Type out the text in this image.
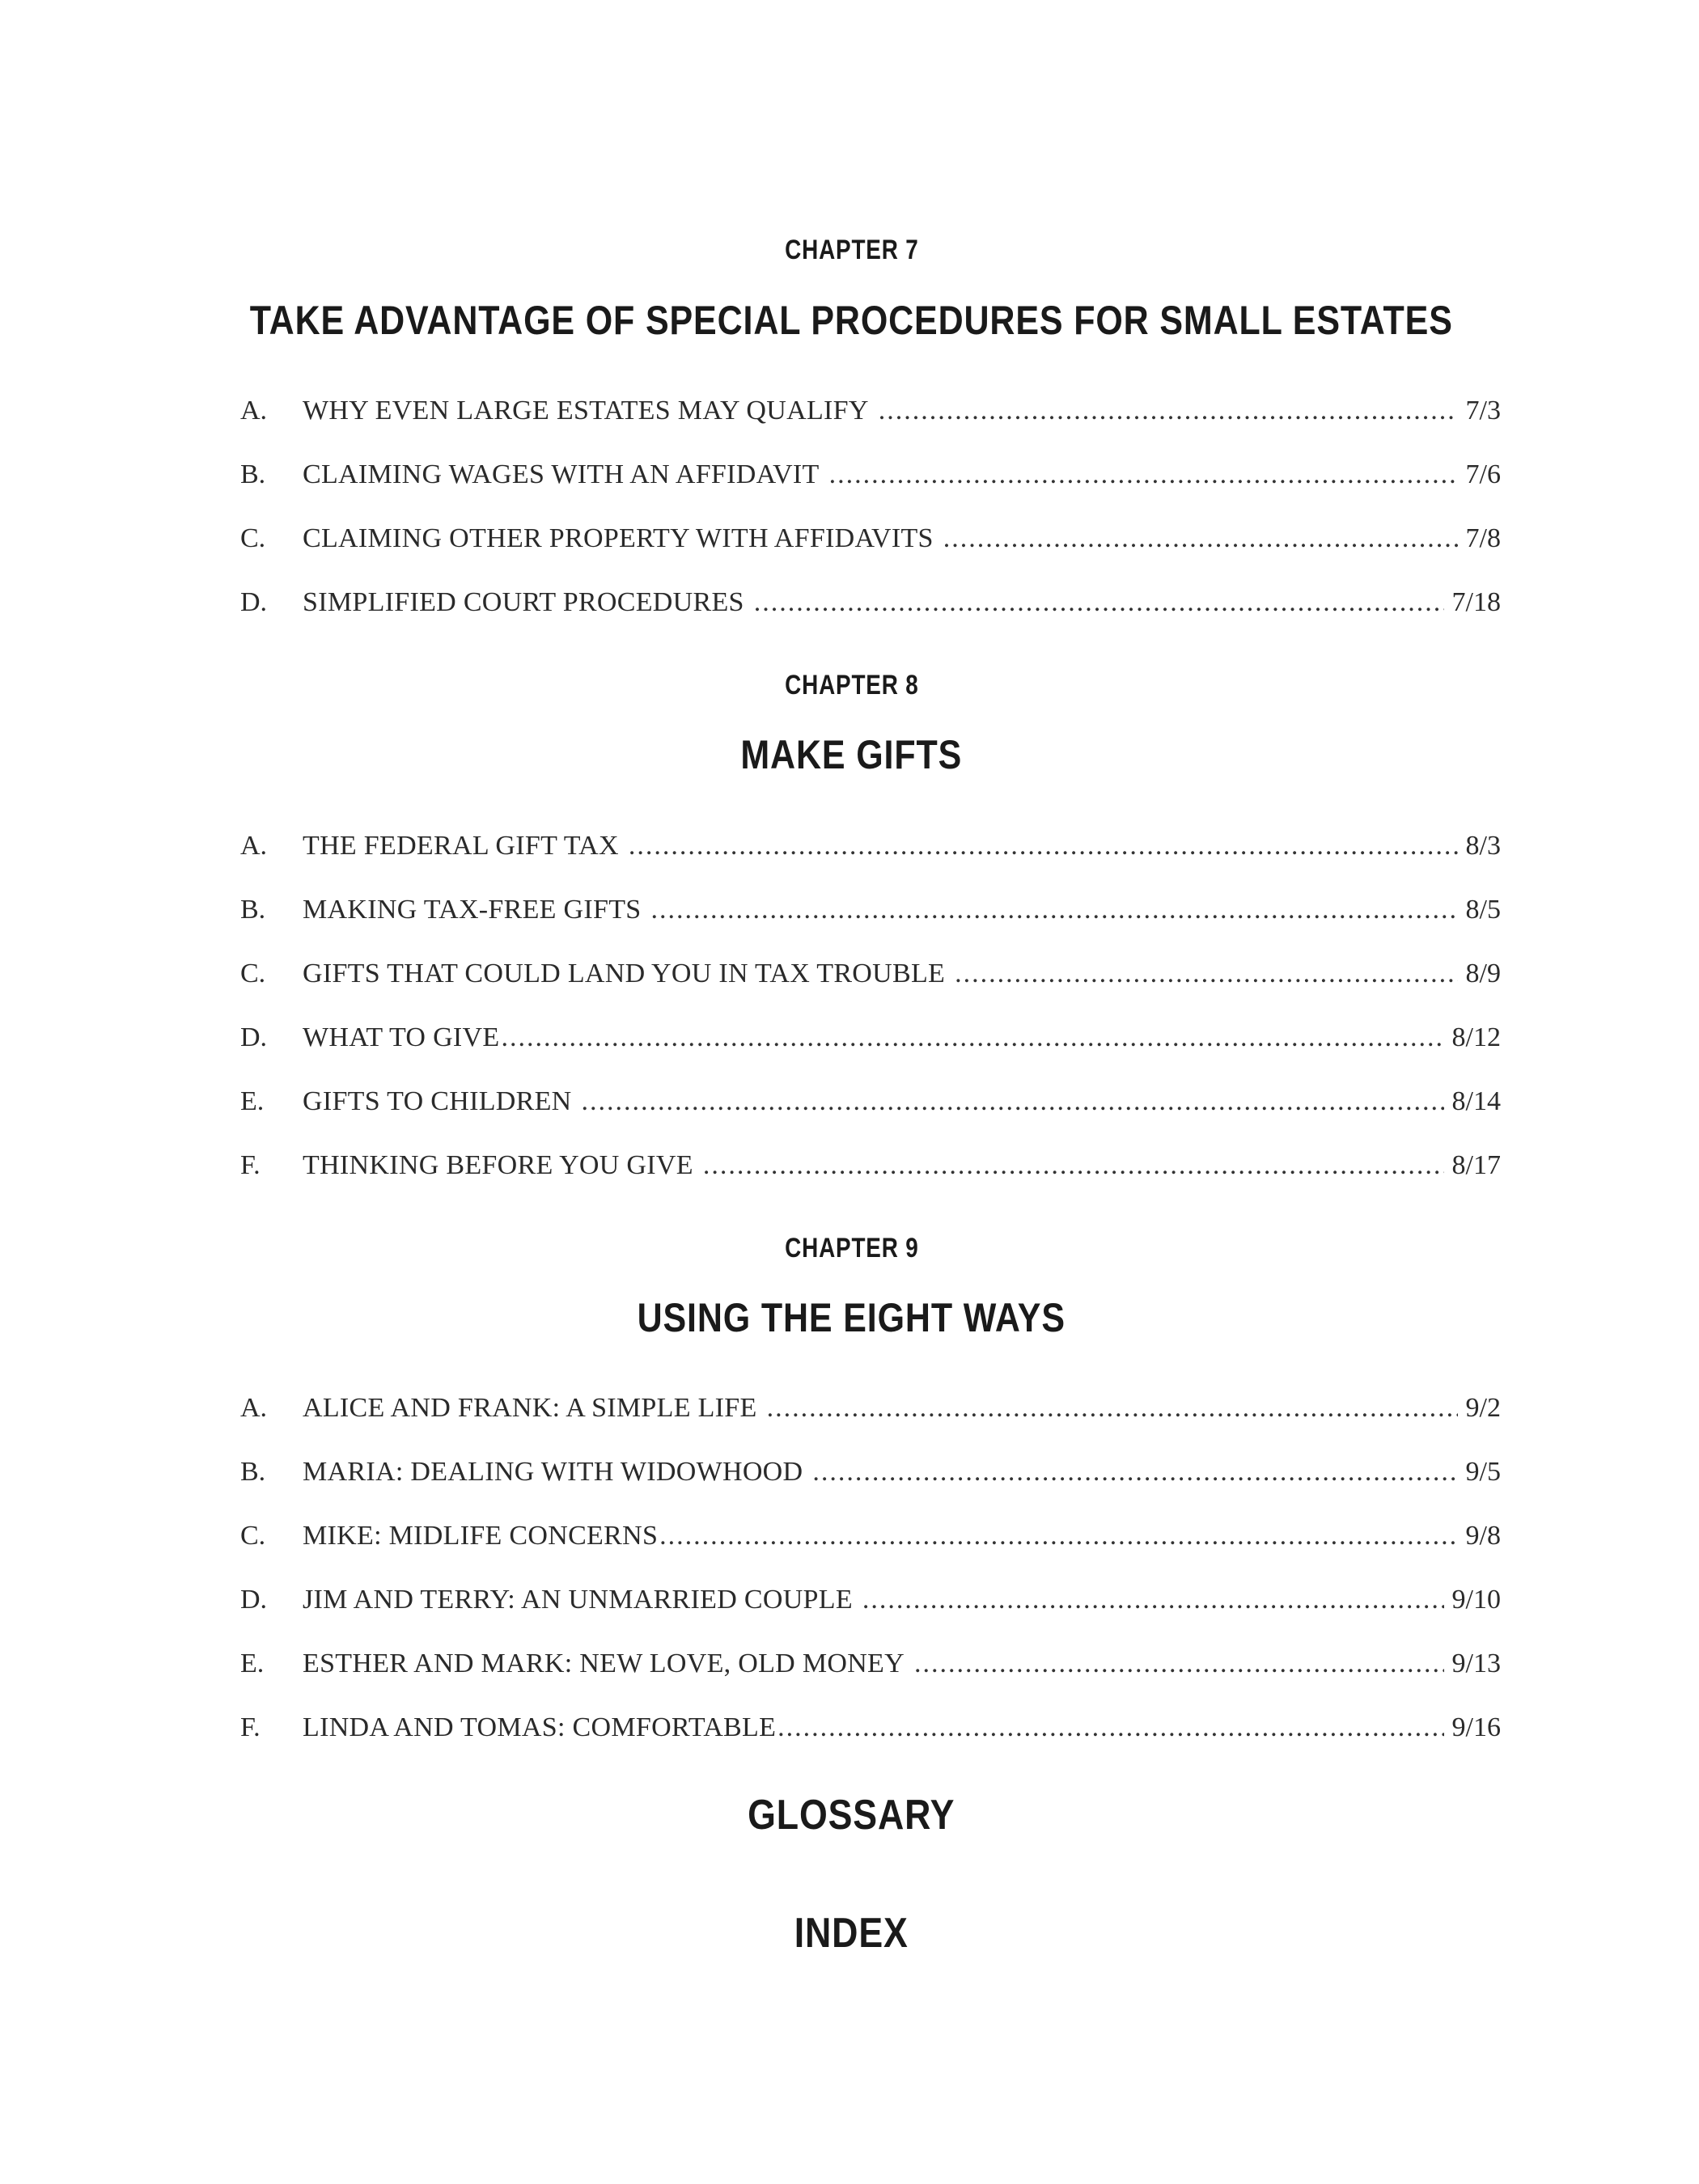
CHAPTER 7
TAKE ADVANTAGE OF SPECIAL PROCEDURES FOR SMALL ESTATES
A.	WHY EVEN LARGE ESTATES MAY QUALIFY .....	7/3
B.	CLAIMING WAGES WITH AN AFFIDAVIT .....	7/6
C.	CLAIMING OTHER PROPERTY WITH AFFIDAVITS .....	7/8
D.	SIMPLIFIED COURT PROCEDURES .....	7/18
CHAPTER 8
MAKE GIFTS
A.	THE FEDERAL GIFT TAX .....	8/3
B.	MAKING TAX-FREE GIFTS .....	8/5
C.	GIFTS THAT COULD LAND YOU IN TAX TROUBLE .....	8/9
D.	WHAT TO GIVE .....	8/12
E.	GIFTS TO CHILDREN .....	8/14
F.	THINKING BEFORE YOU GIVE .....	8/17
CHAPTER 9
USING THE EIGHT WAYS
A.	ALICE AND FRANK: A SIMPLE LIFE .....	9/2
B.	MARIA: DEALING WITH WIDOWHOOD .....	9/5
C.	MIKE: MIDLIFE CONCERNS .....	9/8
D.	JIM AND TERRY: AN UNMARRIED COUPLE .....	9/10
E.	ESTHER AND MARK: NEW LOVE, OLD MONEY .....	9/13
F.	LINDA AND TOMAS: COMFORTABLE .....	9/16
GLOSSARY
INDEX
